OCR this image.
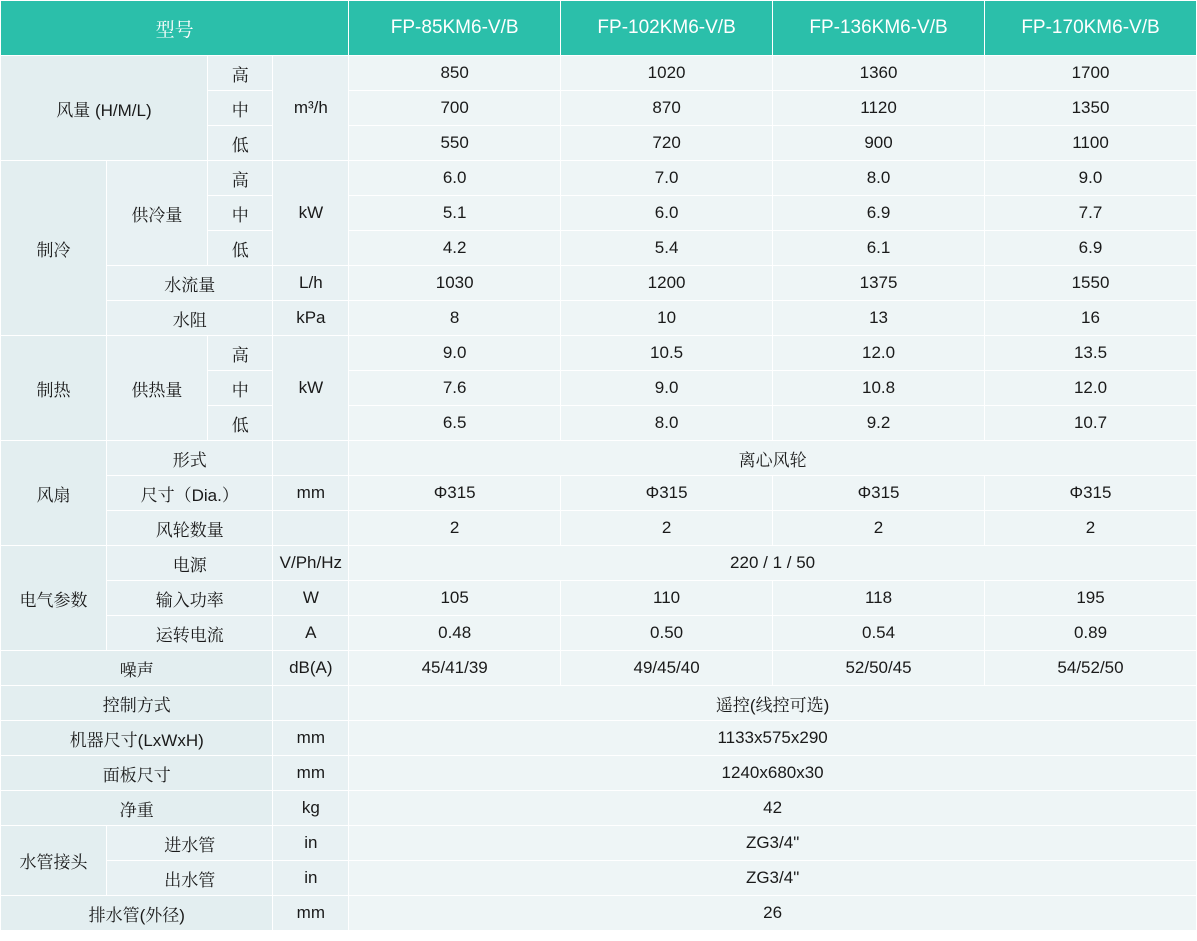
型号				FP-85KM6-V/B	FP-102KM6-V/B	FP-136KM6-V/B	FP-170KM6-V/B
风量 (H/M/L)		高	m³/h	850	1020	1360	1700
		中		700	870	1120	1350
		低		550	720	900	1100
制冷	供冷量	高	kW	6.0	7.0	8.0	9.0
		中		5.1	6.0	6.9	7.7
		低		4.2	5.4	6.1	6.9
	水流量		L/h	1030	1200	1375	1550
	水阻		kPa	8	10	13	16
制热	供热量	高	kW	9.0	10.5	12.0	13.5
		中		7.6	9.0	10.8	12.0
		低		6.5	8.0	9.2	10.7
风扇	形式			离心风轮			
	尺寸（Dia.）		mm	Φ315	Φ315	Φ315	Φ315
	风轮数量			2	2	2	2
电气参数	电源		V/Ph/Hz	220 / 1 / 50			
	输入功率		W	105	110	118	195
	运转电流		A	0.48	0.50	0.54	0.89
噪声			dB(A)	45/41/39	49/45/40	52/50/45	54/52/50
控制方式				遥控(线控可选)			
机器尺寸(LxWxH)			mm	1133x575x290			
面板尺寸			mm	1240x680x30			
净重			kg	42			
水管接头	进水管		in	ZG3/4"			
	出水管		in	ZG3/4"			
排水管(外径)			mm	26			
